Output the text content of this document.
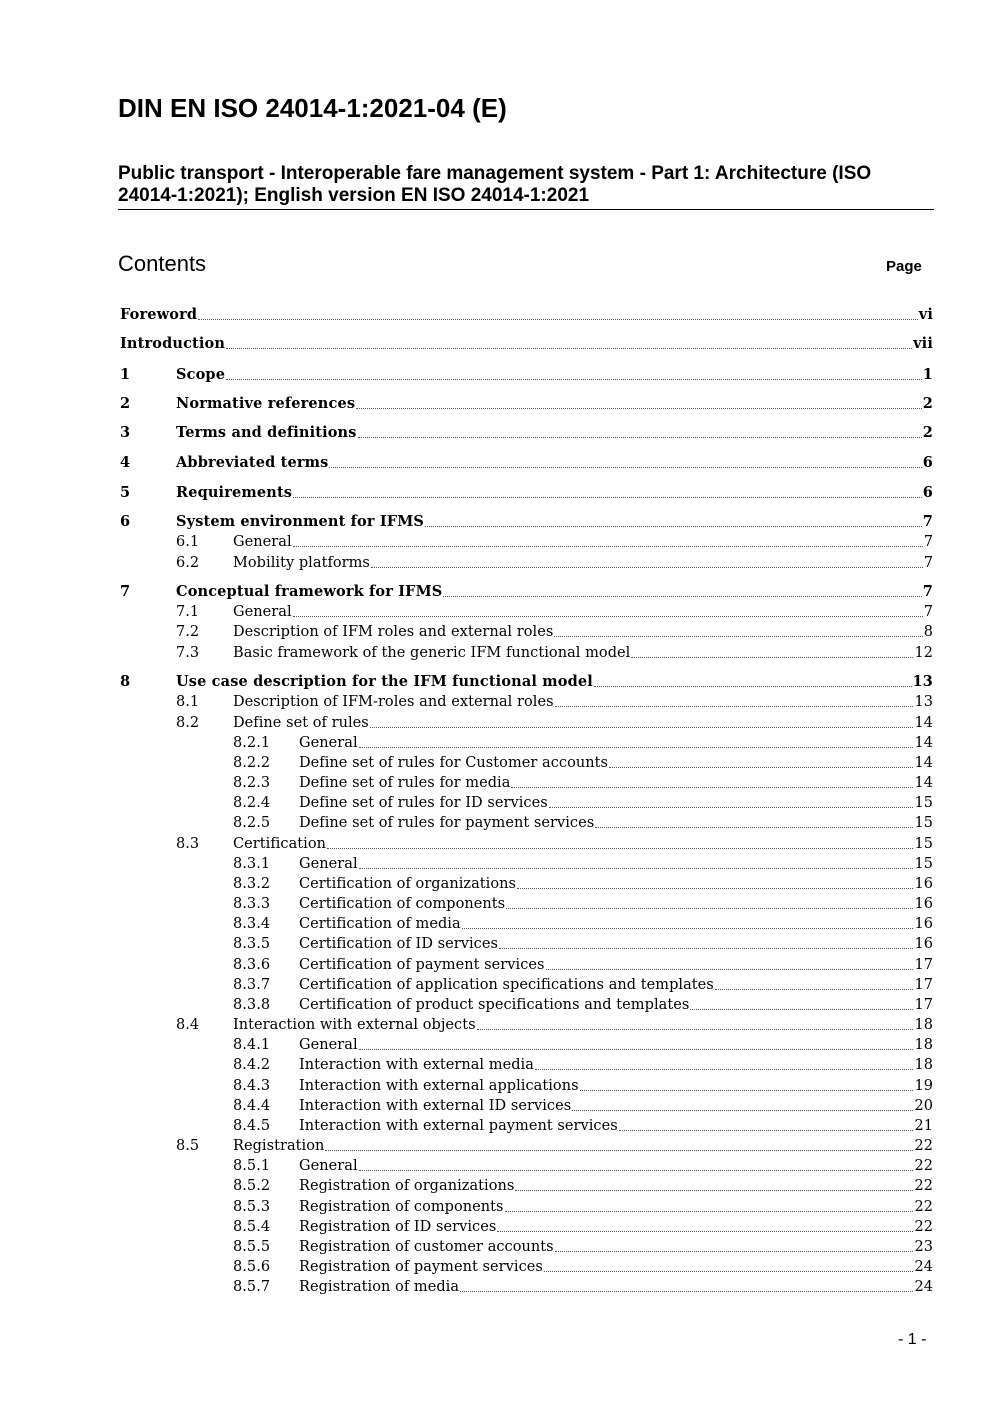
DIN EN ISO 24014-1:2021-04 (E)
Public transport - Interoperable fare management system - Part 1: Architecture (ISO 24014-1:2021); English version EN ISO 24014-1:2021
Contents	Page
Foreword	vi
Introduction	vii
1	Scope	1
2	Normative references	2
3	Terms and definitions	2
4	Abbreviated terms	6
5	Requirements	6
6	System environment for IFMS	7
6.1 General	7
6.2 Mobility platforms	7
7	Conceptual framework for IFMS	7
7.1 General	7
7.2 Description of IFM roles and external roles	8
7.3 Basic framework of the generic IFM functional model	12
8	Use case description for the IFM functional model	13
8.1 Description of IFM-roles and external roles	13
8.2 Define set of rules	14
8.2.1 General	14
8.2.2 Define set of rules for Customer accounts	14
8.2.3 Define set of rules for media	14
8.2.4 Define set of rules for ID services	15
8.2.5 Define set of rules for payment services	15
8.3 Certification	15
8.3.1 General	15
8.3.2 Certification of organizations	16
8.3.3 Certification of components	16
8.3.4 Certification of media	16
8.3.5 Certification of ID services	16
8.3.6 Certification of payment services	17
8.3.7 Certification of application specifications and templates	17
8.3.8 Certification of product specifications and templates	17
8.4 Interaction with external objects	18
8.4.1 General	18
8.4.2 Interaction with external media	18
8.4.3 Interaction with external applications	19
8.4.4 Interaction with external ID services	20
8.4.5 Interaction with external payment services	21
8.5 Registration	22
8.5.1 General	22
8.5.2 Registration of organizations	22
8.5.3 Registration of components	22
8.5.4 Registration of ID services	22
8.5.5 Registration of customer accounts	23
8.5.6 Registration of payment services	24
8.5.7 Registration of media	24
- 1 -
